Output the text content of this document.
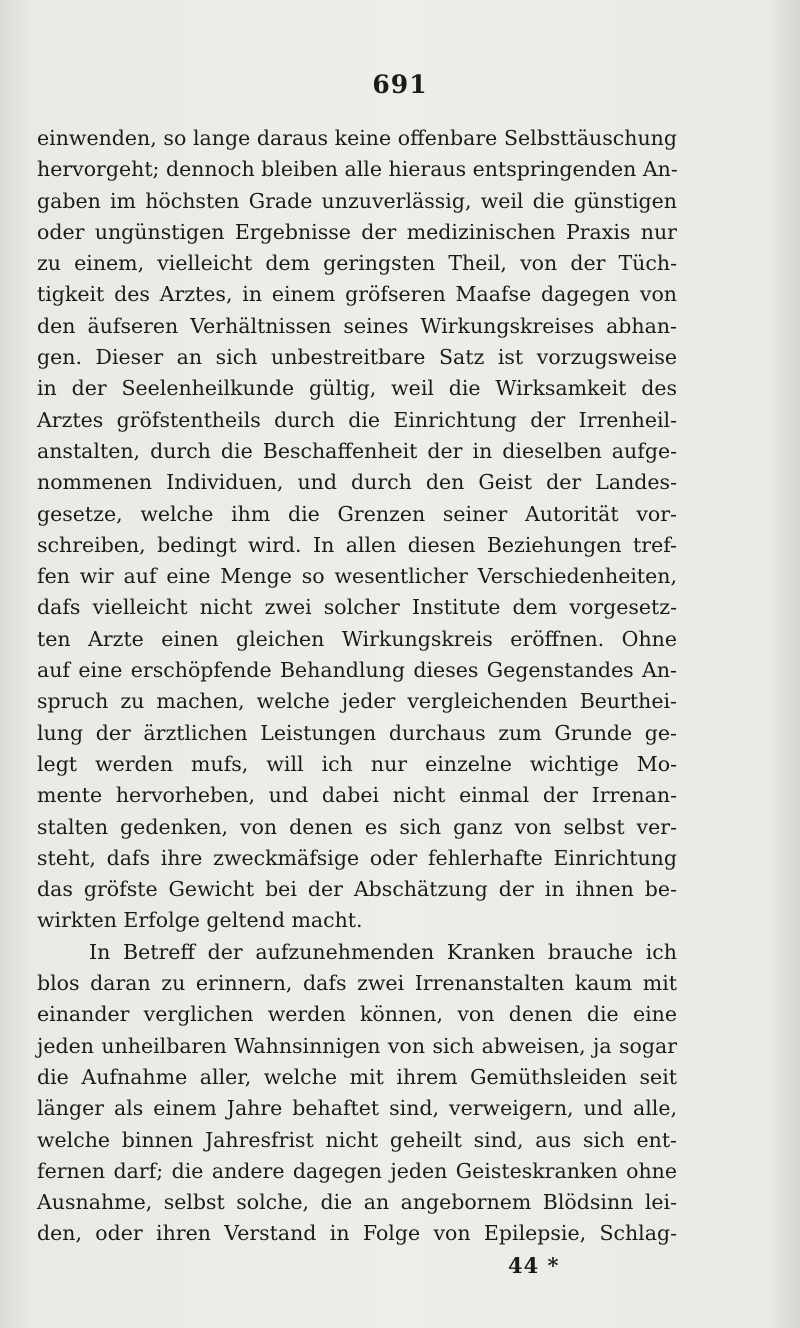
691
einwenden, so lange daraus keine offenbare Selbsttäuschung
hervorgeht; dennoch bleiben alle hieraus entspringenden An-
gaben im höchsten Grade unzuverlässig, weil die günstigen
oder ungünstigen Ergebnisse der medizinischen Praxis nur
zu einem, vielleicht dem geringsten Theil, von der Tüch-
tigkeit des Arztes, in einem gröfseren Maafse dagegen von
den äufseren Verhältnissen seines Wirkungskreises abhan-
gen. Dieser an sich unbestreitbare Satz ist vorzugsweise
in der Seelenheilkunde gültig, weil die Wirksamkeit des
Arztes gröfstentheils durch die Einrichtung der Irrenheil-
anstalten, durch die Beschaffenheit der in dieselben aufge-
nommenen Individuen, und durch den Geist der Landes-
gesetze, welche ihm die Grenzen seiner Autorität vor-
schreiben, bedingt wird. In allen diesen Beziehungen tref-
fen wir auf eine Menge so wesentlicher Verschiedenheiten,
dafs vielleicht nicht zwei solcher Institute dem vorgesetz-
ten Arzte einen gleichen Wirkungskreis eröffnen. Ohne
auf eine erschöpfende Behandlung dieses Gegenstandes An-
spruch zu machen, welche jeder vergleichenden Beurthei-
lung der ärztlichen Leistungen durchaus zum Grunde ge-
legt werden mufs, will ich nur einzelne wichtige Mo-
mente hervorheben, und dabei nicht einmal der Irrenan-
stalten gedenken, von denen es sich ganz von selbst ver-
steht, dafs ihre zweckmäfsige oder fehlerhafte Einrichtung
das gröfste Gewicht bei der Abschätzung der in ihnen be-
wirkten Erfolge geltend macht.
In Betreff der aufzunehmenden Kranken brauche ich
blos daran zu erinnern, dafs zwei Irrenanstalten kaum mit
einander verglichen werden können, von denen die eine
jeden unheilbaren Wahnsinnigen von sich abweisen, ja sogar
die Aufnahme aller, welche mit ihrem Gemüthsleiden seit
länger als einem Jahre behaftet sind, verweigern, und alle,
welche binnen Jahresfrist nicht geheilt sind, aus sich ent-
fernen darf; die andere dagegen jeden Geisteskranken ohne
Ausnahme, selbst solche, die an angebornem Blödsinn lei-
den, oder ihren Verstand in Folge von Epilepsie, Schlag-
44 *
